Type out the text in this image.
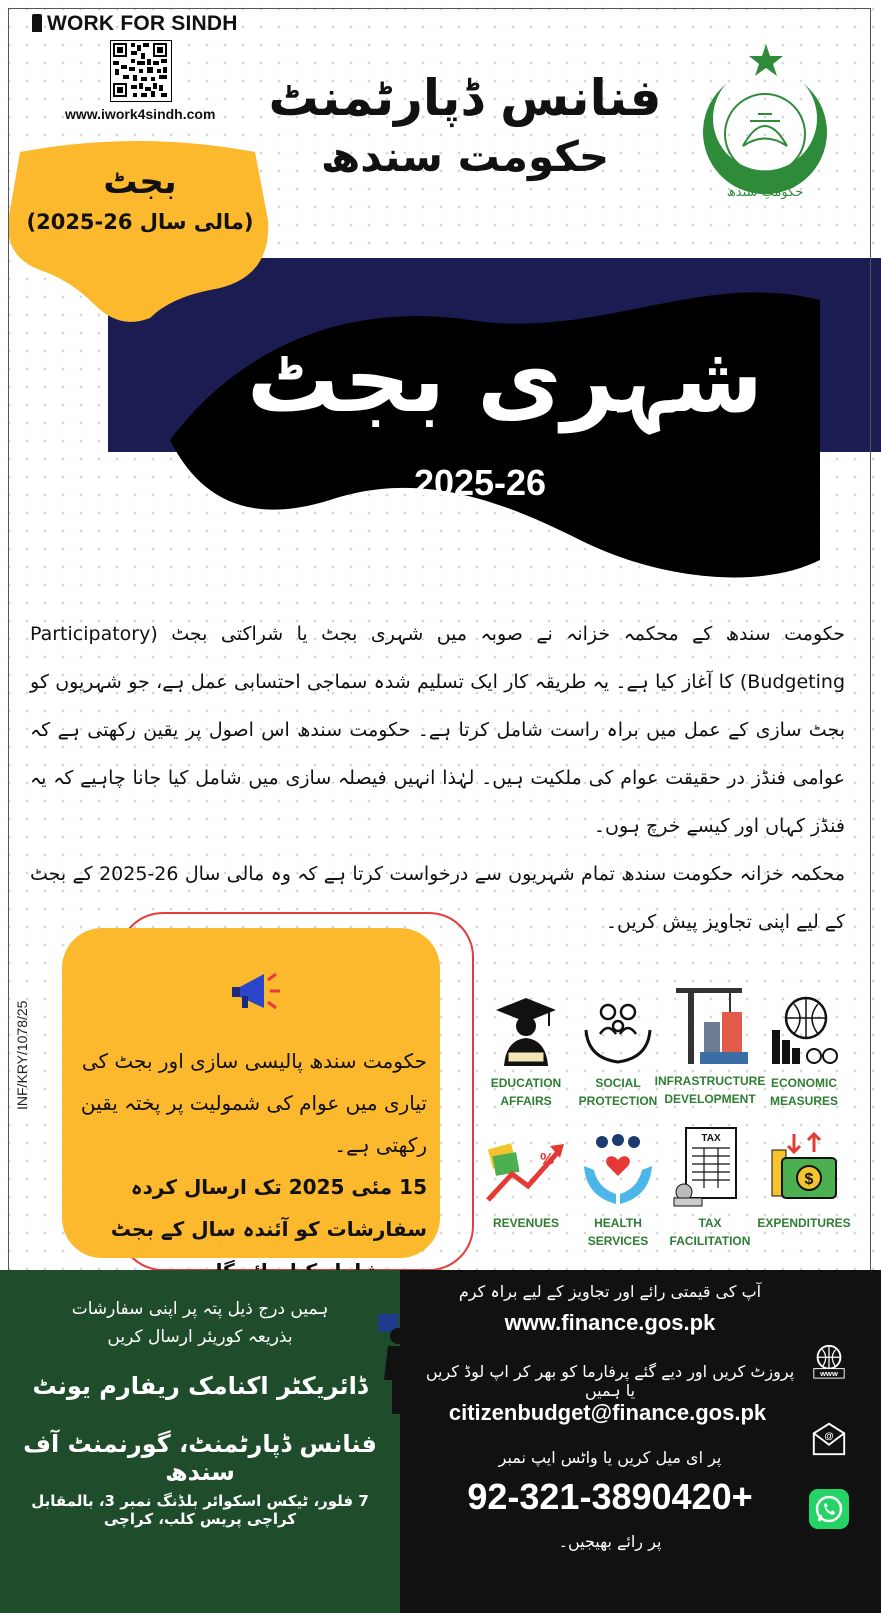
بجٹ
(مالی سال 26-2025)
WORK FOR SINDH
www.iwork4sindh.com فنانس ڈپارٹمنٹ
حکومت سندھ
حکومتِ سندھ
شہری بجٹ
2025-26

حکومت سندھ کے محکمہ خزانہ نے صوبہ میں شہری بجٹ یا شراکتی بجٹ (Participatory Budgeting) کا آغاز کیا ہے۔ یہ طریقہ کار ایک تسلیم شدہ سماجی احتسابی عمل ہے، جو شہریوں کو بجٹ سازی کے عمل میں براہ راست شامل کرتا ہے۔ حکومت سندھ اس اصول پر یقین رکھتی ہے کہ عوامی فنڈز در حقیقت عوام کی ملکیت ہیں۔ لہٰذا انہیں فیصلہ سازی میں شامل کیا جانا چاہیے کہ یہ فنڈز کہاں اور کیسے خرچ ہوں۔

محکمہ خزانہ حکومت سندھ تمام شہریوں سے درخواست کرتا ہے کہ وہ مالی سال 26-2025 کے بجٹ کے لیے اپنی تجاویز پیش کریں۔

حکومت سندھ پالیسی سازی اور بجٹ کی تیاری میں عوام کی شمولیت پر پختہ یقین رکھتی ہے۔
15 مئی 2025 تک ارسال کردہ سفارشات کو آئندہ سال کے بجٹ
INF/KRY/1078/25	EDUCATION
AFFAIRS
SOCIAL
PROTECTION
INFRASTRUCTURE
DEVELOPMENT
ECONOMIC
MEASURES
%
REVENUES	HEALTH
SERVICES
TAX
TAX
FACILITATION
$
EXPENDITURES
ہمیں درج ذیل پتہ پر اپنی سفارشات
بذریعہ کوریئر ارسال کریں
ڈائریکٹر اکنامک ریفارم یونٹ
فنانس ڈپارٹمنٹ، گورنمنٹ آف سندھ
7 فلور، ٹیکس اسکوائر بلڈنگ نمبر 3، بالمقابل کراچی پریس کلب، کراچی
آپ کی قیمتی رائے اور تجاویز کے لیے براہ کرم
www.finance.gos.pk
پروزٹ کریں اور دیے گئے پرفارما کو بھر کر اپ لوڈ کریں یا ہمیں
citizenbudget@finance.gos.pk
پر ای میل کریں یا واٹس ایپ نمبر
+92-321-3890420
پر رائے بھیجیں۔
www
@
